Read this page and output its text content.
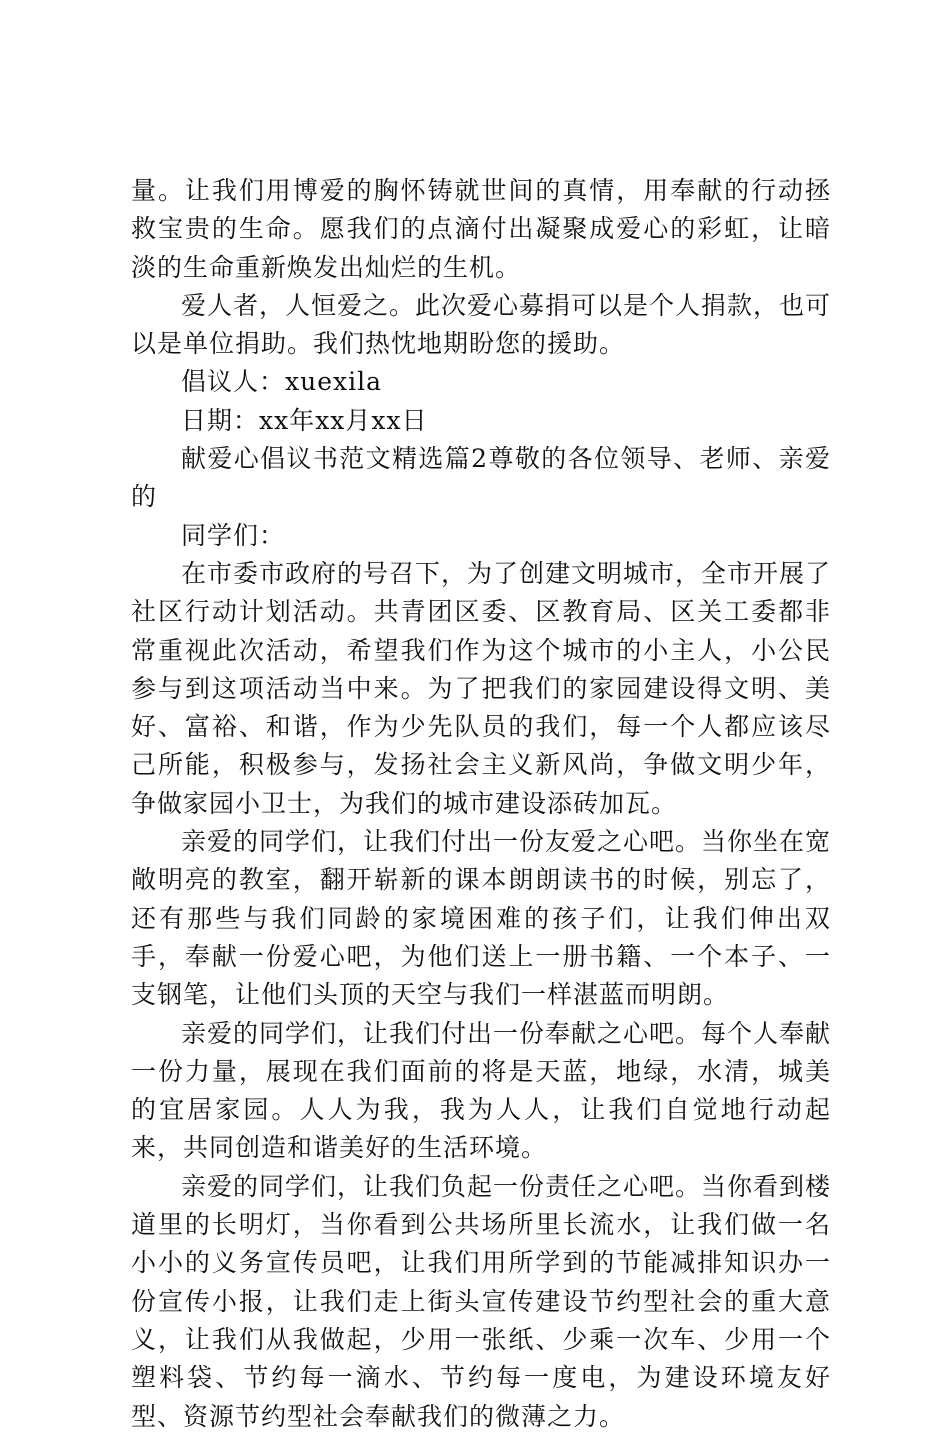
量。让我们用博爱的胸怀铸就世间的真情，用奉献的行动拯救宝贵的生命。愿我们的点滴付出凝聚成爱心的彩虹，让暗淡的生命重新焕发出灿烂的生机。

爱人者，人恒爱之。此次爱心募捐可以是个人捐款，也可以是单位捐助。我们热忱地期盼您的援助。

倡议人：xuexila

日期：xx年xx月xx日

献爱心倡议书范文精选篇2尊敬的各位领导、老师、亲爱的

同学们：

在市委市政府的号召下，为了创建文明城市，全市开展了社区行动计划活动。共青团区委、区教育局、区关工委都非常重视此次活动，希望我们作为这个城市的小主人，小公民参与到这项活动当中来。为了把我们的家园建设得文明、美好、富裕、和谐，作为少先队员的我们，每一个人都应该尽己所能，积极参与，发扬社会主义新风尚，争做文明少年，争做家园小卫士，为我们的城市建设添砖加瓦。

亲爱的同学们，让我们付出一份友爱之心吧。当你坐在宽敞明亮的教室，翻开崭新的课本朗朗读书的时候，别忘了，还有那些与我们同龄的家境困难的孩子们，让我们伸出双手，奉献一份爱心吧，为他们送上一册书籍、一个本子、一支钢笔，让他们头顶的天空与我们一样湛蓝而明朗。

亲爱的同学们，让我们付出一份奉献之心吧。每个人奉献一份力量，展现在我们面前的将是天蓝，地绿，水清，城美的宜居家园。人人为我，我为人人，让我们自觉地行动起来，共同创造和谐美好的生活环境。

亲爱的同学们，让我们负起一份责任之心吧。当你看到楼道里的长明灯，当你看到公共场所里长流水，让我们做一名小小的义务宣传员吧，让我们用所学到的节能减排知识办一份宣传小报，让我们走上街头宣传建设节约型社会的重大意义，让我们从我做起，少用一张纸、少乘一次车、少用一个塑料袋、节约每一滴水、节约每一度电，为建设环境友好型、资源节约型社会奉献我们的微薄之力。
